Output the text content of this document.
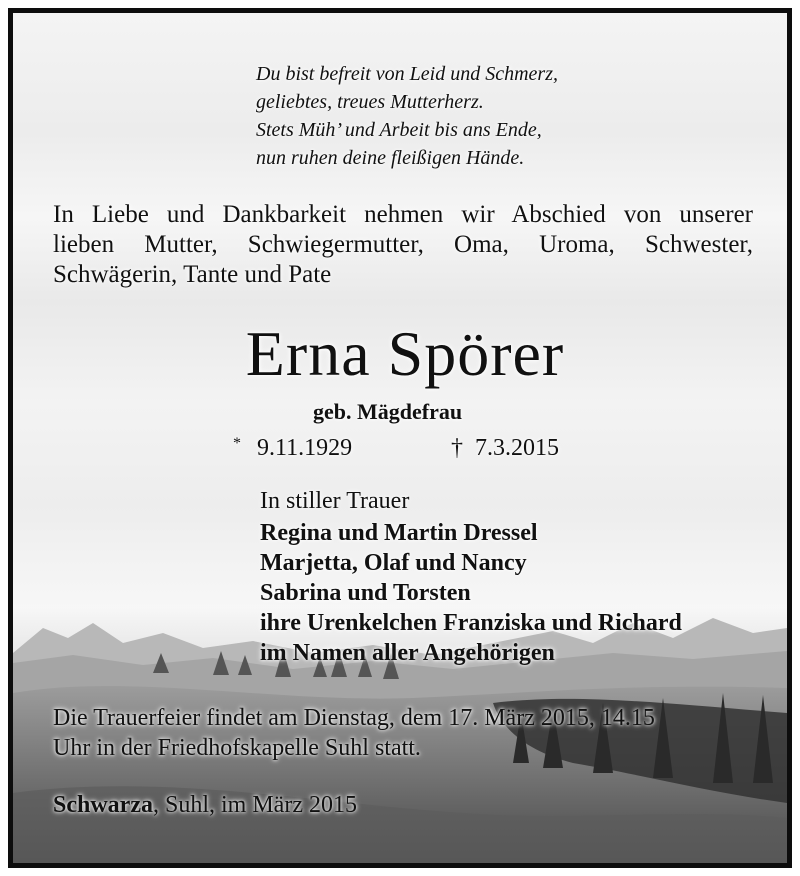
Du bist befreit von Leid und Schmerz,
geliebtes, treues Mutterherz.
Stets Müh’ und Arbeit bis ans Ende,
nun ruhen deine fleißigen Hände.
In Liebe und Dankbarkeit nehmen wir Abschied von unserer
lieben Mutter, Schwiegermutter, Oma, Uroma, Schwester,
Schwägerin, Tante und Pate
Erna Spörer
geb. Mägdefrau
* 9.11.1929	† 7.3.2015
In stiller Trauer
Regina und Martin Dressel
Marjetta, Olaf und Nancy
Sabrina und Torsten
ihre Urenkelchen Franziska und Richard
im Namen aller Angehörigen
Die Trauerfeier findet am Dienstag, dem 17. März 2015, 14.15
Uhr in der Friedhofskapelle Suhl statt.
Schwarza, Suhl, im März 2015
